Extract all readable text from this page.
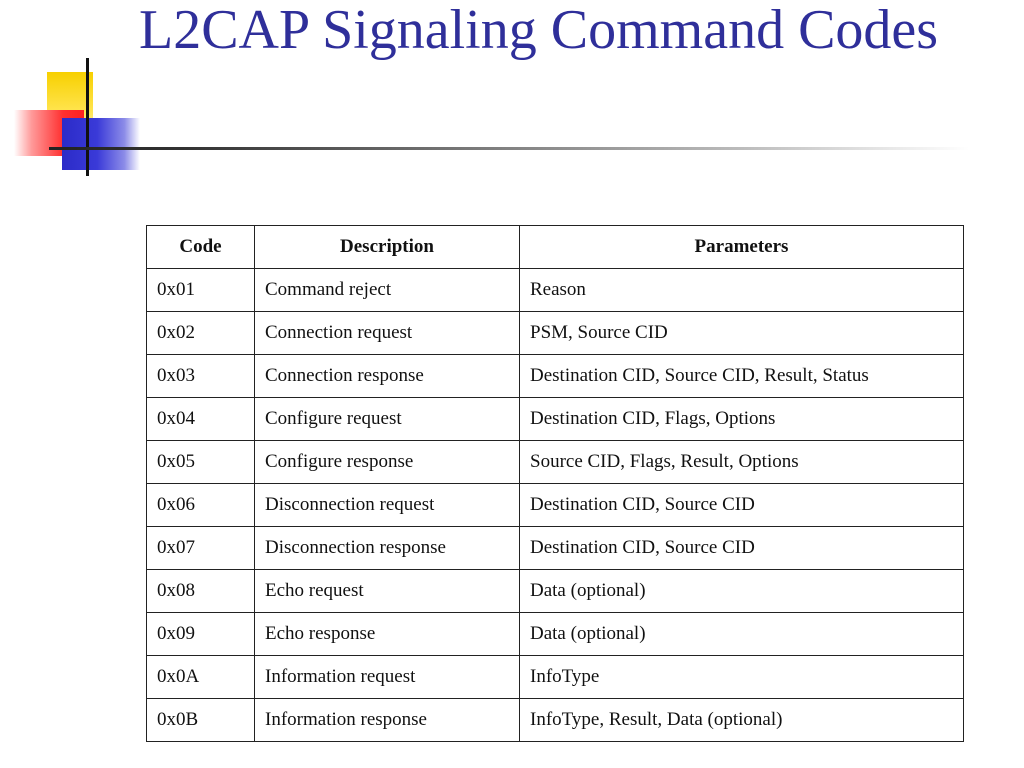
L2CAP Signaling Command Codes
Code	Description	Parameters
0x01	Command reject	Reason
0x02	Connection request	PSM, Source CID
0x03	Connection response	Destination CID, Source CID, Result, Status
0x04	Configure request	Destination CID, Flags, Options
0x05	Configure response	Source CID, Flags, Result, Options
0x06	Disconnection request	Destination CID, Source CID
0x07	Disconnection response	Destination CID, Source CID
0x08	Echo request	Data (optional)
0x09	Echo response	Data (optional)
0x0A	Information request	InfoType
0x0B	Information response	InfoType, Result, Data (optional)
